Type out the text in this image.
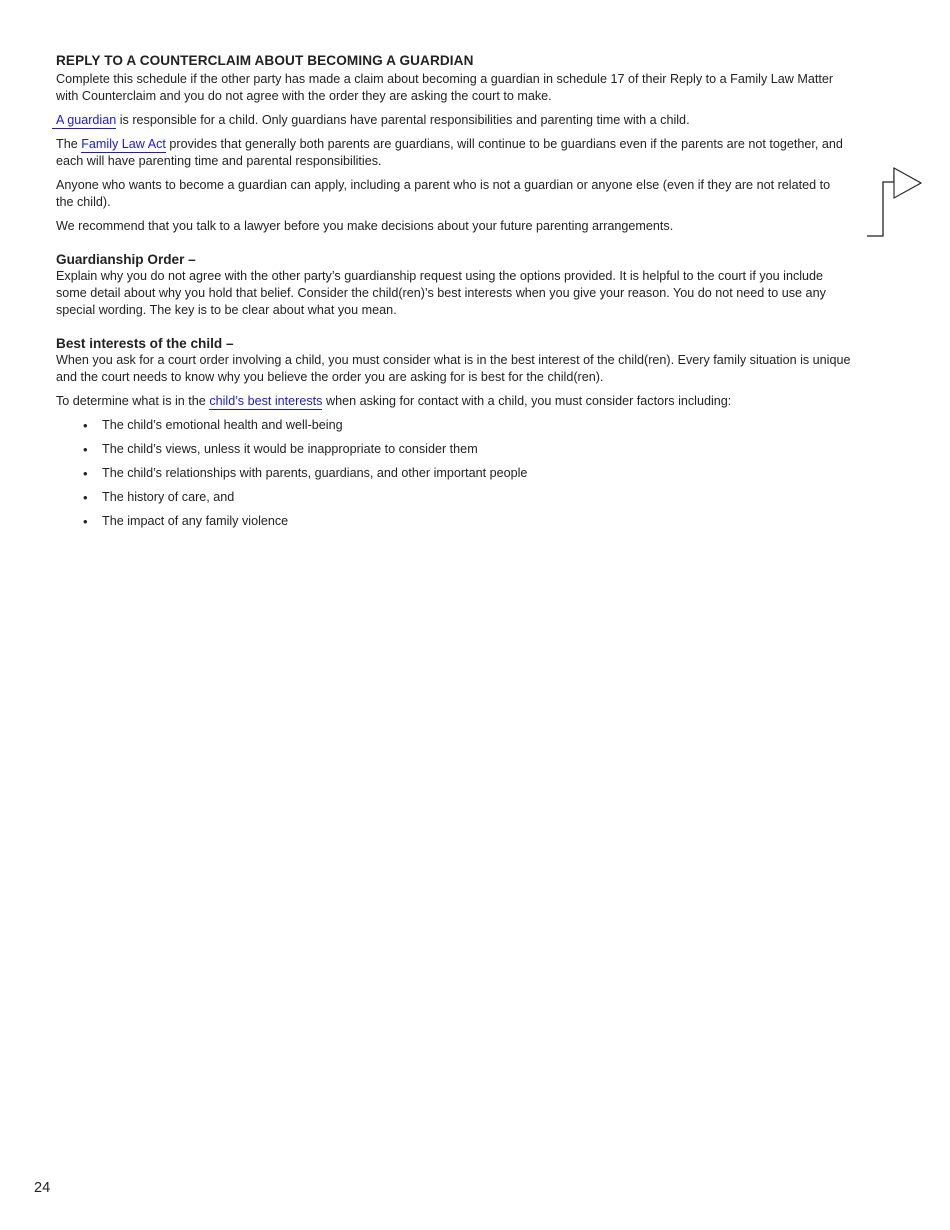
REPLY TO A COUNTERCLAIM ABOUT BECOMING A GUARDIAN

Complete this schedule if the other party has made a claim about becoming a guardian in schedule 17 of their Reply to a Family Law Matter with Counterclaim and you do not agree with the order they are asking the court to make.

A guardian is responsible for a child. Only guardians have parental responsibilities and parenting time with a child.

The Family Law Act provides that generally both parents are guardians, will continue to be guardians even if the parents are not together, and each will have parenting time and parental responsibilities.

Anyone who wants to become a guardian can apply, including a parent who is not a guardian or anyone else (even if they are not related to the child).

We recommend that you talk to a lawyer before you make decisions about your future parenting arrangements.

Guardianship Order –

Explain why you do not agree with the other party’s guardianship request using the options provided. It is helpful to the court if you include some detail about why you hold that belief. Consider the child(ren)’s best interests when you give your reason. You do not need to use any special wording. The key is to be clear about what you mean.

Best interests of the child –

When you ask for a court order involving a child, you must consider what is in the best interest of the child(ren). Every family situation is unique and the court needs to know why you believe the order you are asking for is best for the child(ren).

To determine what is in the child’s best interests when asking for contact with a child, you must consider factors including:

• The child’s emotional health and well-being
• The child’s views, unless it would be inappropriate to consider them
• The child’s relationships with parents, guardians, and other important people
• The history of care, and
• The impact of any family violence
24
